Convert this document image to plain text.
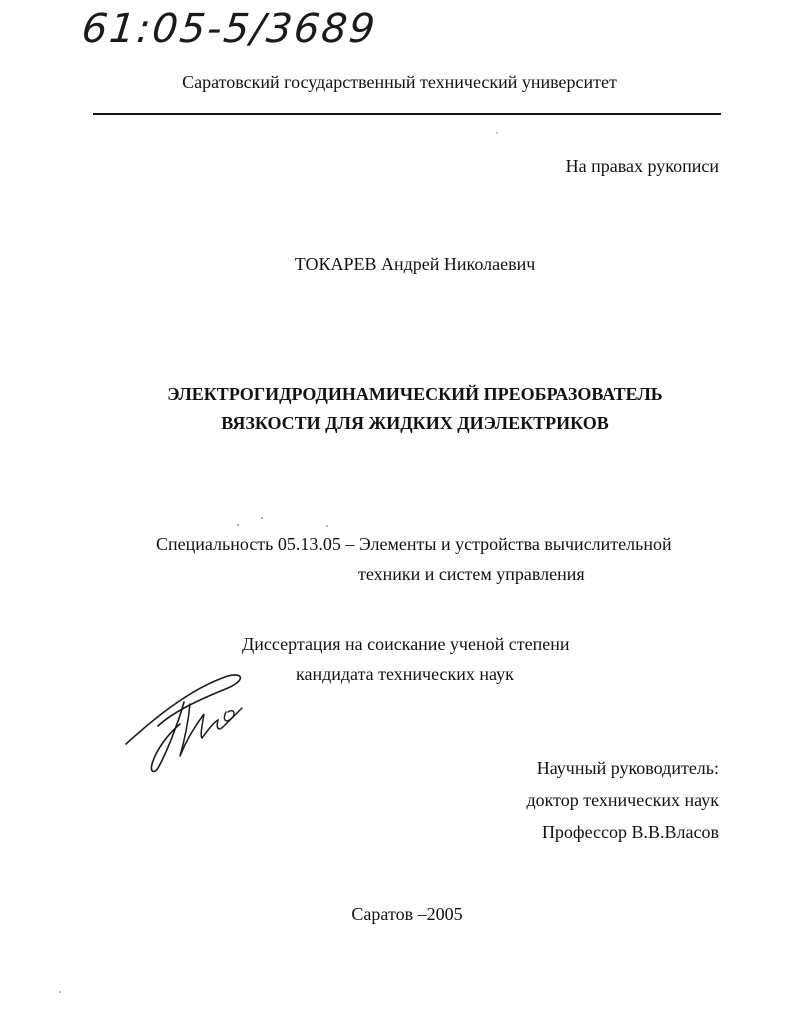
61:05-5/3689
Саратовский государственный технический университет
На правах рукописи
ТОКАРЕВ Андрей Николаевич
ЭЛЕКТРОГИДРОДИНАМИЧЕСКИЙ ПРЕОБРАЗОВАТЕЛЬ
ВЯЗКОСТИ ДЛЯ ЖИДКИХ ДИЭЛЕКТРИКОВ
Специальность 05.13.05 – Элементы и устройства вычислительной
техники и систем управления
Диссертация на соискание ученой степени
кандидата технических наук
Научный руководитель:
доктор технических наук
Профессор В.В.Власов
Саратов –2005
